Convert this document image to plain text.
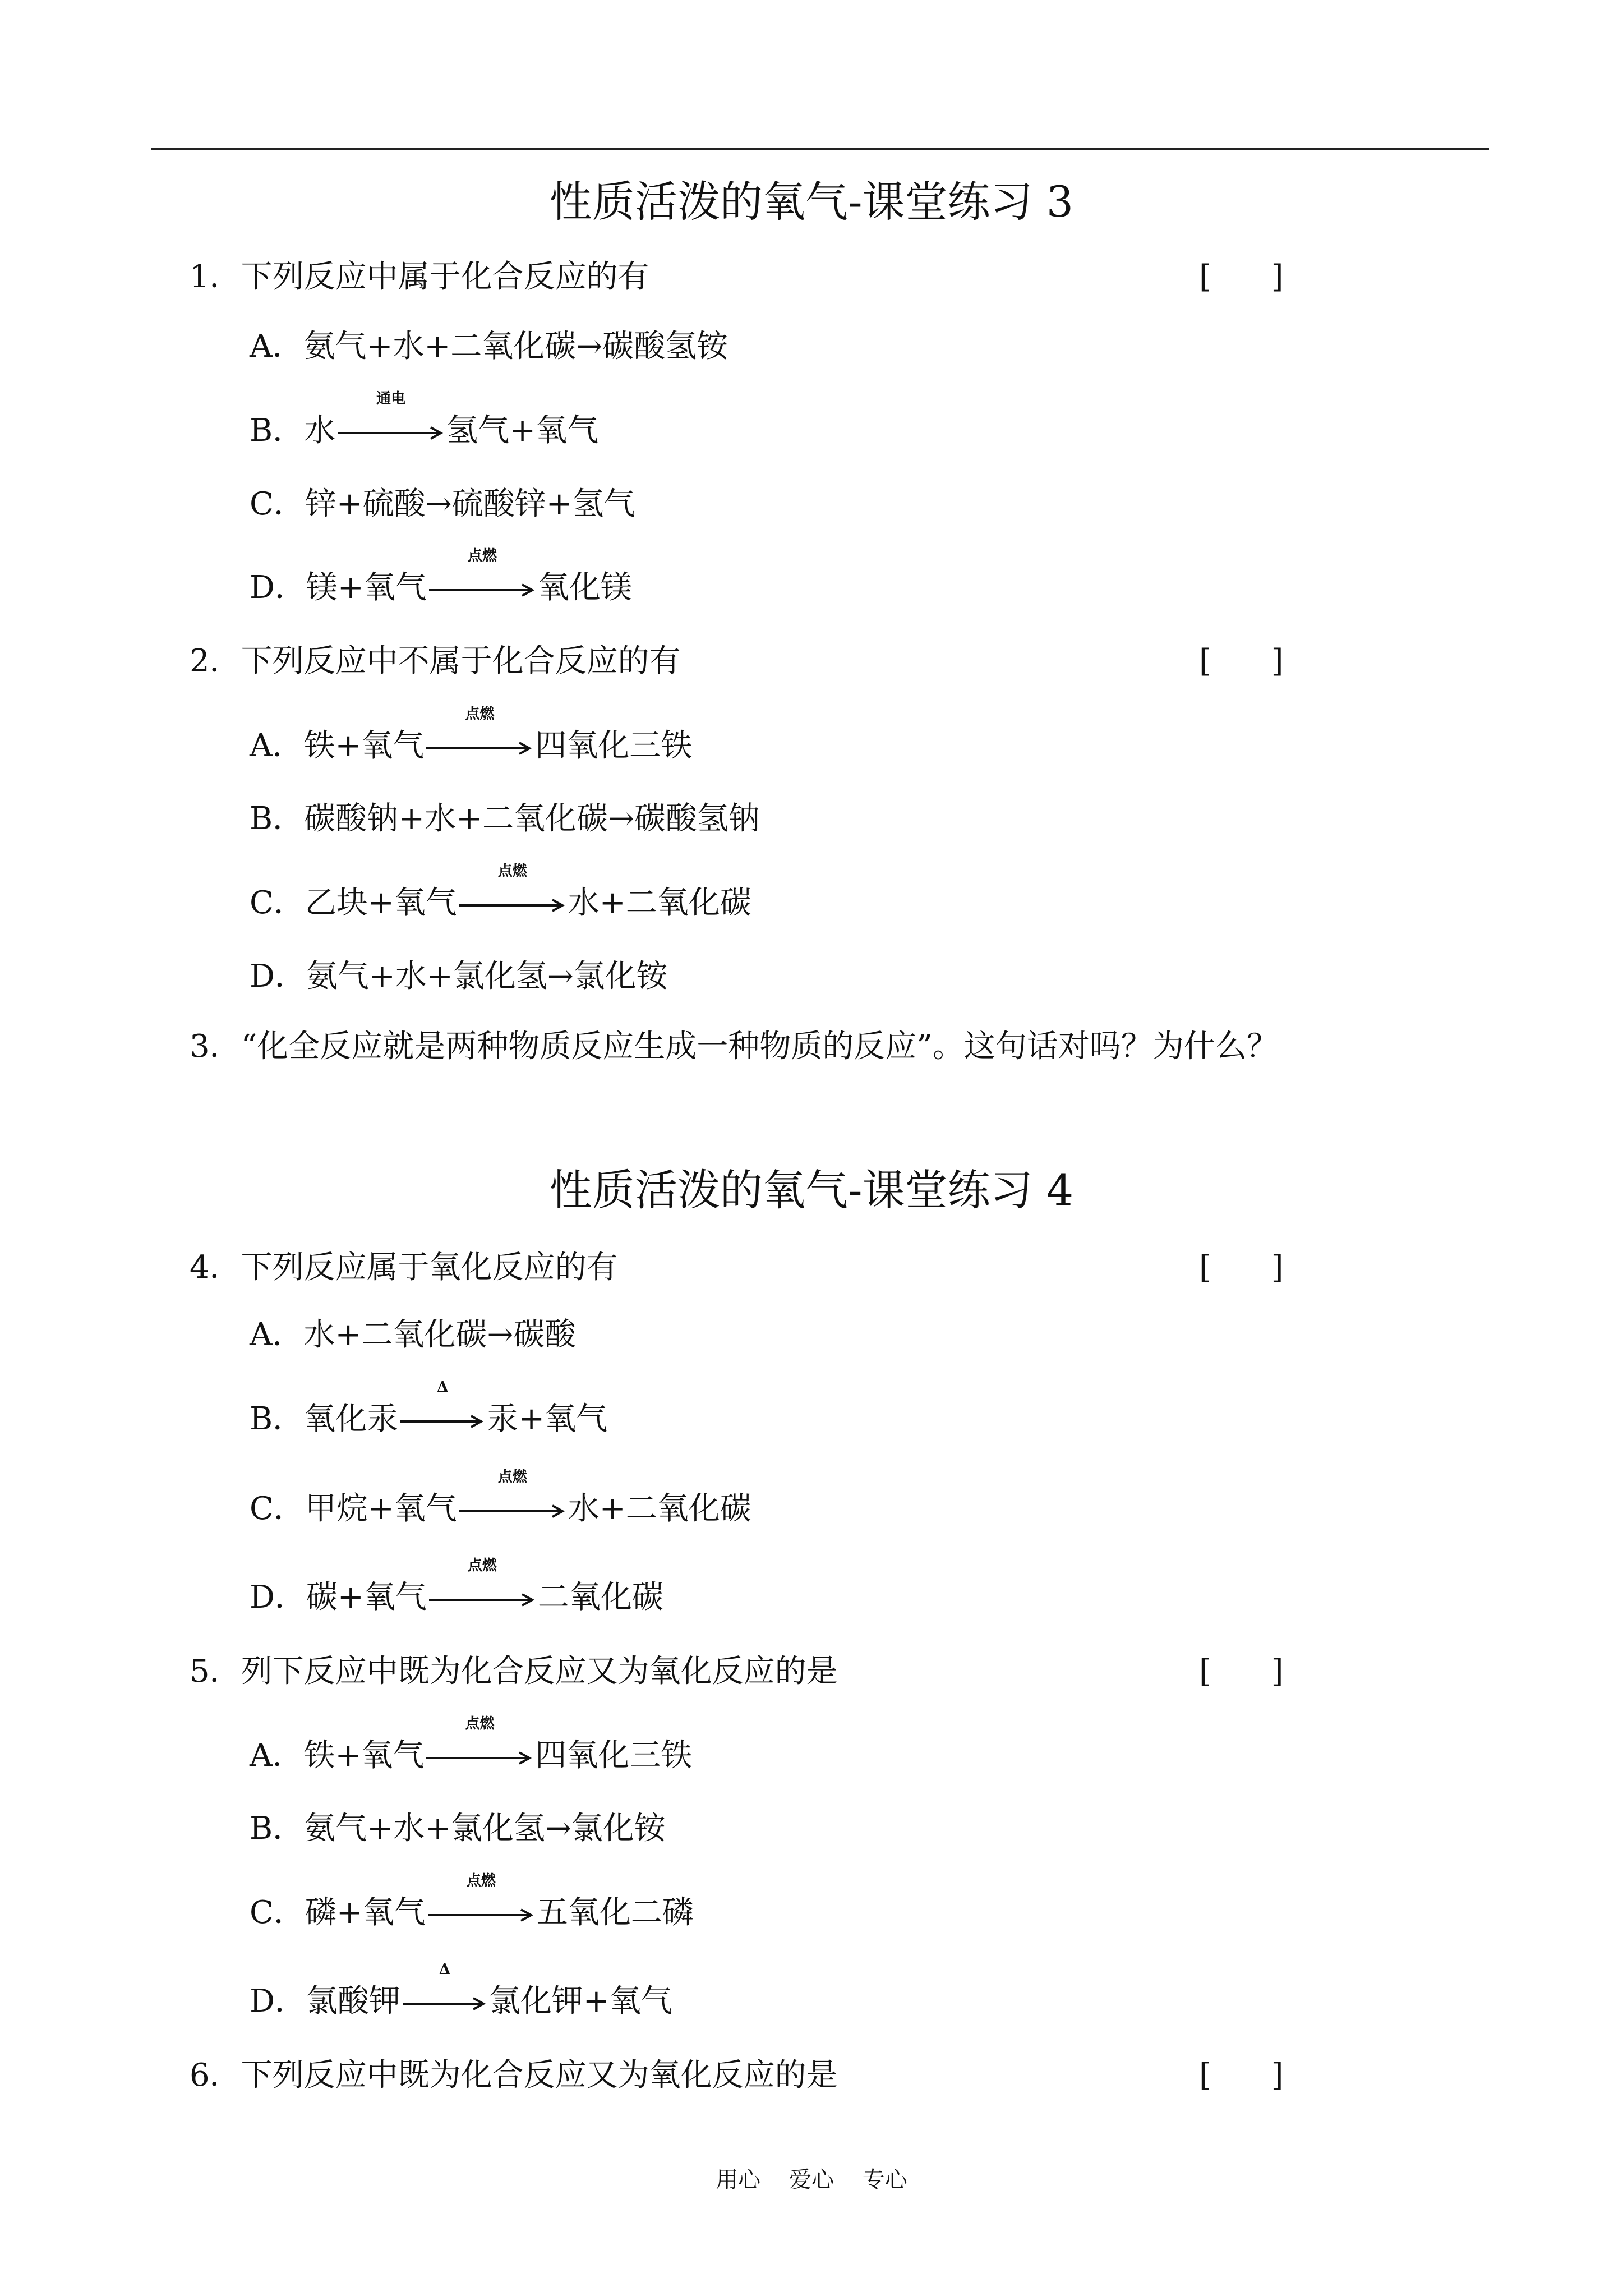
性质活泼的氧气-课堂练习 3
1．下列反应中属于化合反应的有	[      ]
A．氨气+水+二氧化碳→碳酸氢铵
B．水
通电
氢气+氧气
C．锌+硫酸→硫酸锌+氢气
D．镁+氧气
点燃
氧化镁
2．下列反应中不属于化合反应的有	[      ]
A．铁+氧气
点燃
四氧化三铁
B．碳酸钠+水+二氧化碳→碳酸氢钠
C．乙块+氧气
点燃
水+二氧化碳
D．氨气+水+氯化氢→氯化铵
3．“化全反应就是两种物质反应生成一种物质的反应”。这句话对吗？为什么？
性质活泼的氧气-课堂练习 4
4．下列反应属于氧化反应的有	[      ]
A．水+二氧化碳→碳酸
B．氧化汞
Δ
汞+氧气
C．甲烷+氧气
点燃
水+二氧化碳
D．碳+氧气
点燃
二氧化碳
5．列下反应中既为化合反应又为氧化反应的是	[      ]
A．铁+氧气
点燃
四氧化三铁
B．氨气+水+氯化氢→氯化铵
C．磷+氧气
点燃
五氧化二磷
D．氯酸钾
Δ
氯化钾+氧气
6．下列反应中既为化合反应又为氧化反应的是	[      ]
用心    爱心    专心
